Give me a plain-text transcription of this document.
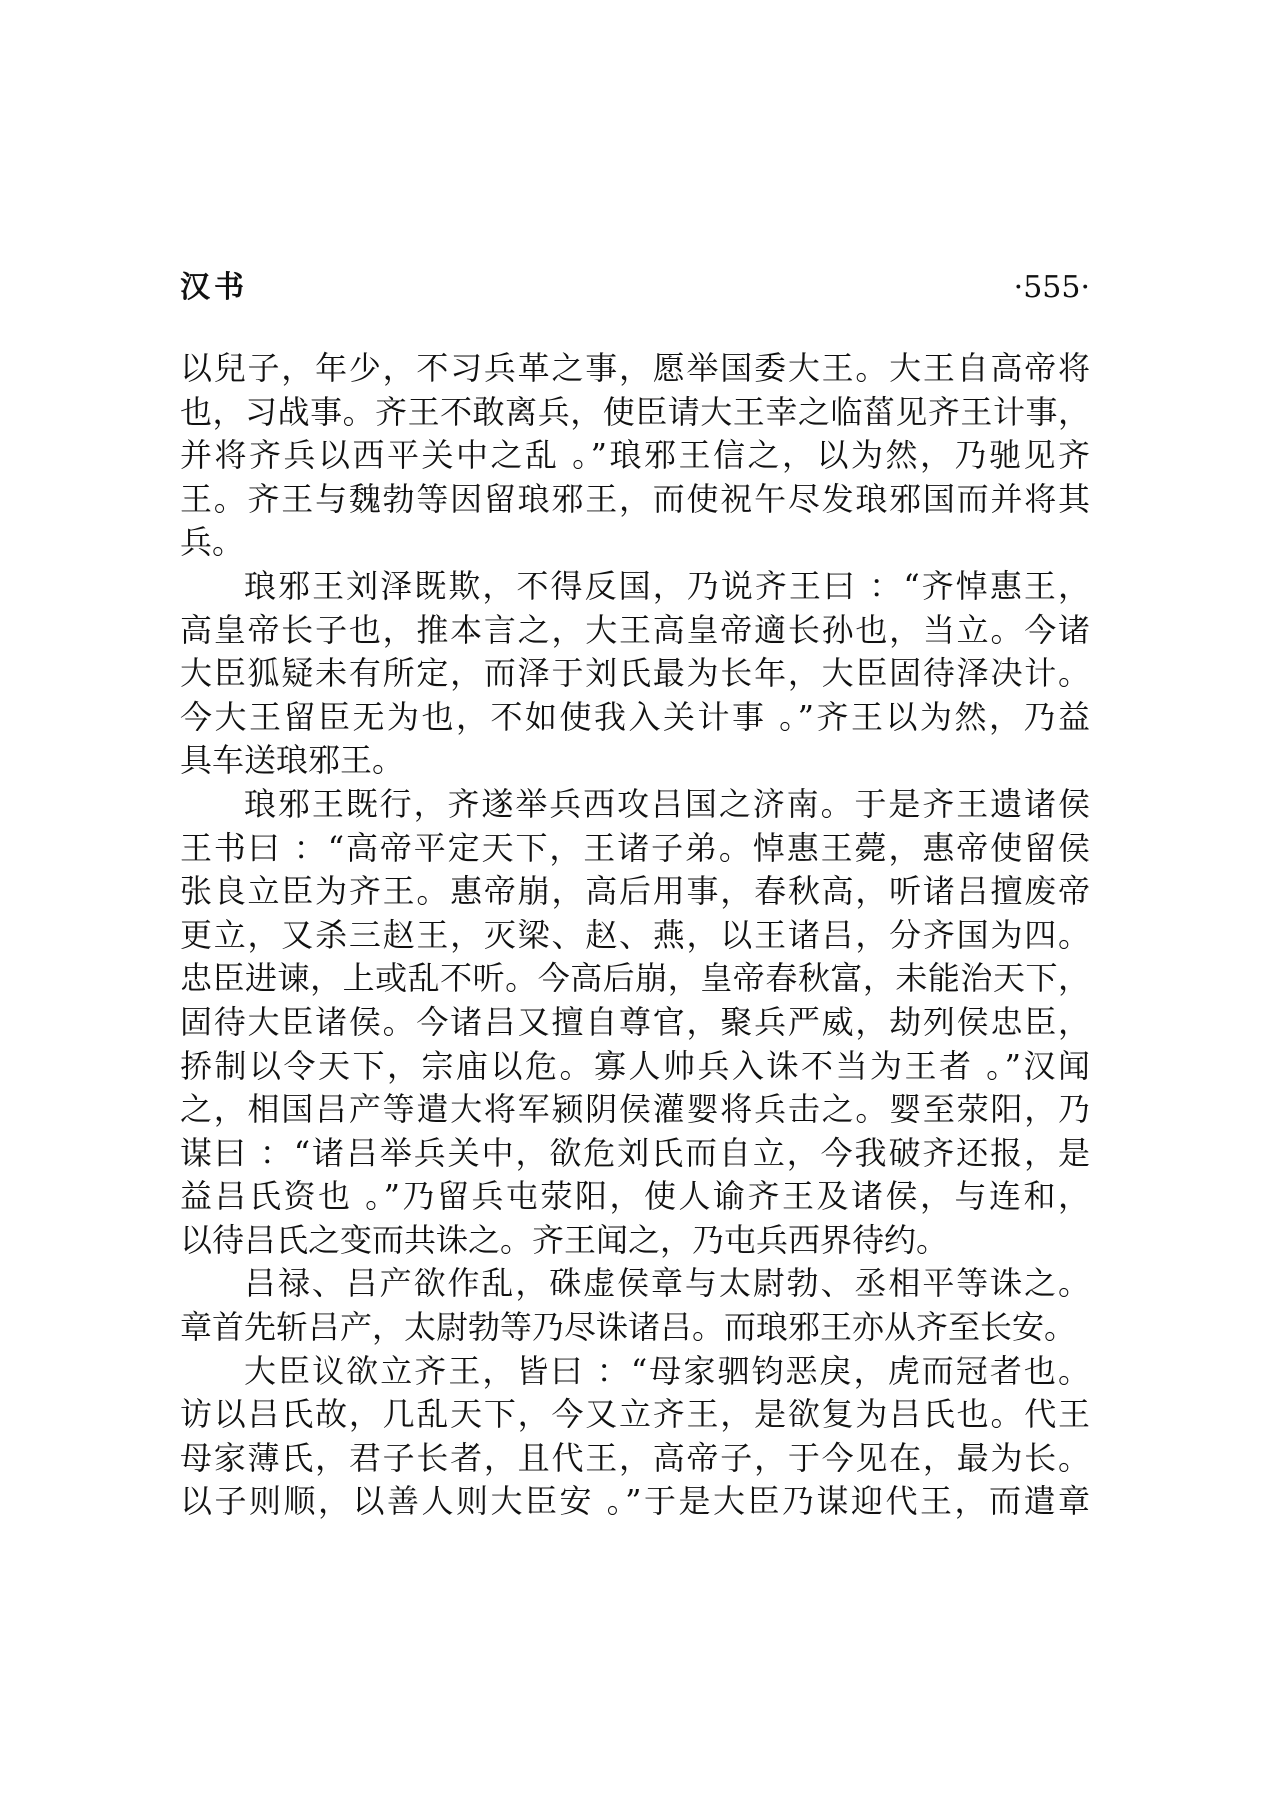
汉书	·555·
以兒子，年少，不习兵革之事，愿举国委大王。大王自高帝将
也，习战事。齐王不敢离兵，使臣请大王幸之临菑见齐王计事，
并将齐兵以西平关中之乱 。”琅邪王信之，以为然，乃驰见齐
王。齐王与魏勃等因留琅邪王，而使祝午尽发琅邪国而并将其
兵。
琅邪王刘泽既欺，不得反国，乃说齐王曰 ：“齐悼惠王，
高皇帝长子也，推本言之，大王高皇帝適长孙也，当立。今诸
大臣狐疑未有所定，而泽于刘氏最为长年，大臣固待泽决计。
今大王留臣无为也，不如使我入关计事 。”齐王以为然，乃益
具车送琅邪王。
琅邪王既行，齐遂举兵西攻吕国之济南。于是齐王遗诸侯
王书曰 ：“高帝平定天下，王诸子弟。悼惠王薨，惠帝使留侯
张良立臣为齐王。惠帝崩，高后用事，春秋高，听诸吕擅废帝
更立，又杀三赵王，灭梁、赵、燕，以王诸吕，分齐国为四。
忠臣进谏，上或乱不听。今高后崩，皇帝春秋富，未能治天下，
固待大臣诸侯。今诸吕又擅自尊官，聚兵严威，劫列侯忠臣，
挢制以令天下，宗庙以危。寡人帅兵入诛不当为王者 。”汉闻
之，相国吕产等遣大将军颍阴侯灌婴将兵击之。婴至荥阳，乃
谋曰 ：“诸吕举兵关中，欲危刘氏而自立，今我破齐还报，是
益吕氏资也 。”乃留兵屯荥阳，使人谕齐王及诸侯，与连和，
以待吕氏之变而共诛之。齐王闻之，乃屯兵西界待约。
吕禄、吕产欲作乱，硃虚侯章与太尉勃、丞相平等诛之。
章首先斩吕产，太尉勃等乃尽诛诸吕。而琅邪王亦从齐至长安。
大臣议欲立齐王，皆曰 ：“母家驷钧恶戾，虎而冠者也。
访以吕氏故，几乱天下，今又立齐王，是欲复为吕氏也。代王
母家薄氏，君子长者，且代王，高帝子，于今见在，最为长。
以子则顺，以善人则大臣安 。”于是大臣乃谋迎代王，而遣章
